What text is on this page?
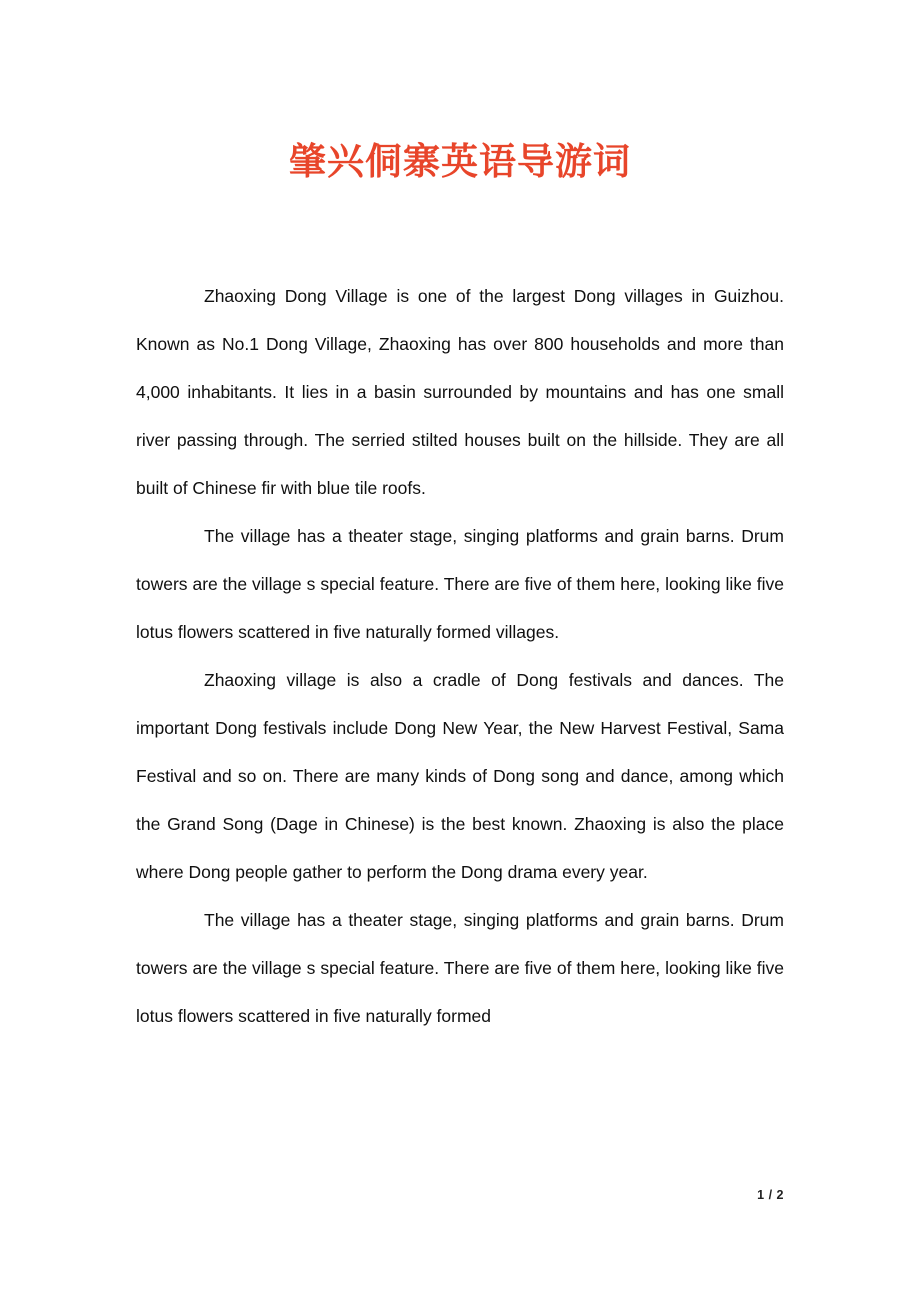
肇兴侗寨英语导游词

Zhaoxing Dong Village is one of the largest Dong villages in Guizhou. Known as No.1 Dong Village, Zhaoxing has over 800 households and more than 4,000 inhabitants. It lies in a basin surrounded by mountains and has one small river passing through. The serried stilted houses built on the hillside. They are all built of Chinese fir with blue tile roofs.

The village has a theater stage, singing platforms and grain barns. Drum towers are the village s special feature. There are five of them here, looking like five lotus flowers scattered in five naturally formed villages.

Zhaoxing village is also a cradle of Dong festivals and dances. The important Dong festivals include Dong New Year, the New Harvest Festival, Sama Festival and so on. There are many kinds of Dong song and dance, among which the Grand Song (Dage in Chinese) is the best known. Zhaoxing is also the place where Dong people gather to perform the Dong drama every year.

The village has a theater stage, singing platforms and grain barns. Drum towers are the village s special feature. There are five of them here, looking like five lotus flowers scattered in five naturally formed

1 / 2
